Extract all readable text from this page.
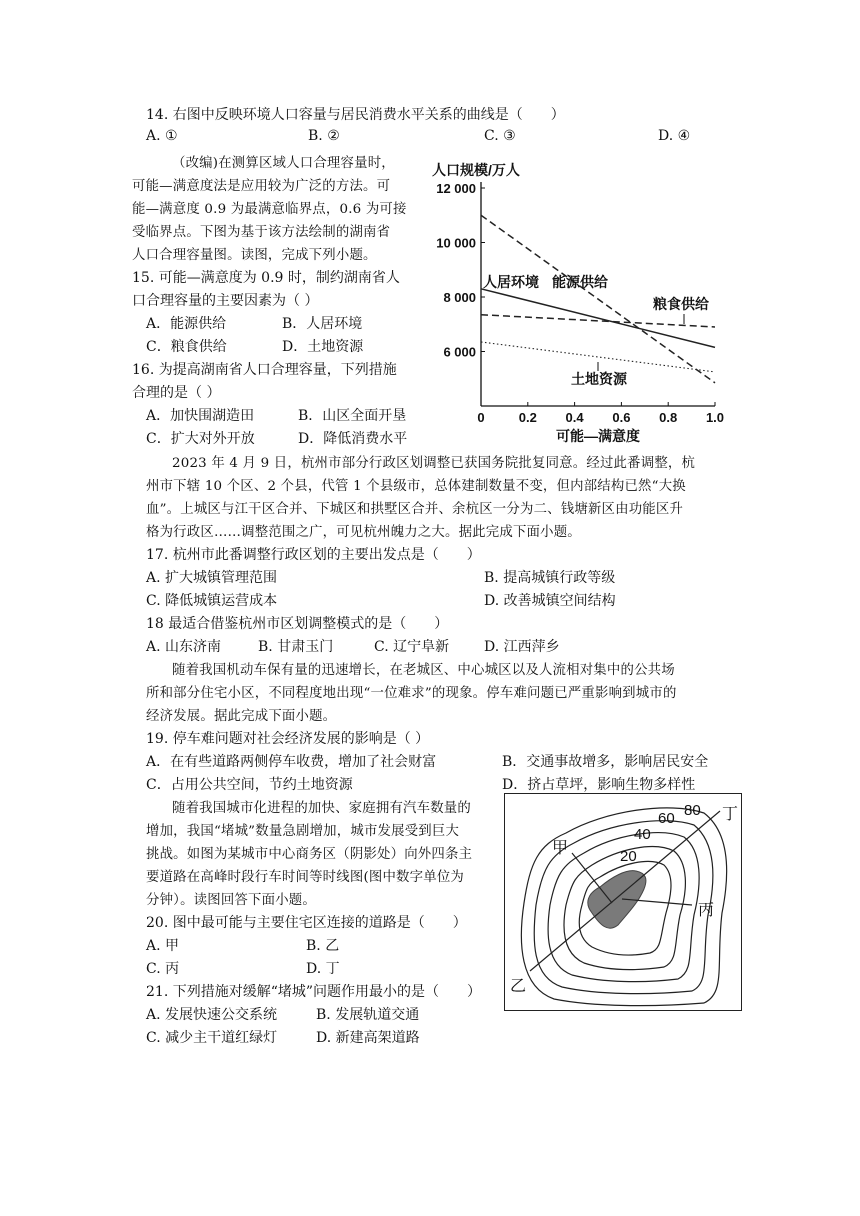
14. 右图中反映环境人口容量与居民消费水平关系的曲线是（　　）
A. ①	B. ②	C. ③	D. ④
（改编)在测算区域人口合理容量时，
可能—满意度法是应用较为广泛的方法。可
能—满意度 0.9 为最满意临界点，0.6 为可接
受临界点。下图为基于该方法绘制的湖南省
人口合理容量图。读图，完成下列小题。
15. 可能—满意度为 0.9 时，制约湖南省人
口合理容量的主要因素为（ ）
A．能源供给	B．人居环境
C．粮食供给	D．土地资源
16. 为提高湖南省人口合理容量，下列措施
合理的是（ ）
A．加快围湖造田	B．山区全面开垦
C．扩大对外开放	D．降低消费水平
6 000
8 000
10 000
12 000
0	0.2 0.4 0.6 0.8 1.0
人口规模/万人
可能—满意度
人居环境 能源供给
粮食供给
土地资源
2023 年 4 月 9 日，杭州市部分行政区划调整已获国务院批复同意。经过此番调整，杭
州市下辖 10 个区、2 个县，代管 1 个县级市，总体建制数量不变，但内部结构已然“大换
血”。上城区与江干区合并、下城区和拱墅区合并、余杭区一分为二、钱塘新区由功能区升
格为行政区……调整范围之广，可见杭州魄力之大。据此完成下面小题。
17. 杭州市此番调整行政区划的主要出发点是（　　）
A. 扩大城镇管理范围	B. 提高城镇行政等级
C. 降低城镇运营成本	D. 改善城镇空间结构
18 最适合借鉴杭州市区划调整模式的是（　　）
A. 山东济南	B. 甘肃玉门	C. 辽宁阜新 D. 江西萍乡
随着我国机动车保有量的迅速增长，在老城区、中心城区以及人流相对集中的公共场
所和部分住宅小区，不同程度地出现“一位难求”的现象。停车难问题已严重影响到城市的
经济发展。据此完成下面小题。
19. 停车难问题对社会经济发展的影响是（ ）
A．在有些道路两侧停车收费，增加了社会财富	B．交通事故增多，影响居民安全
C．占用公共空间，节约土地资源	D．挤占草坪，影响生物多样性
随着我国城市化进程的加快、家庭拥有汽车数量的
增加，我国“堵城”数量急剧增加，城市发展受到巨大
挑战。如图为某城市中心商务区（阴影处）向外四条主
要道路在高峰时段行车时间等时线图(图中数字单位为
分钟）。读图回答下面小题。
20. 图中最可能与主要住宅区连接的道路是（　　）
A. 甲	B. 乙
C. 丙	D. 丁
21. 下列措施对缓解“堵城”问题作用最小的是（　　）
A. 发展快速公交系统	B. 发展轨道交通
C. 减少主干道红绿灯	D. 新建高架道路
20
40
60 80
甲
乙
丙
丁
